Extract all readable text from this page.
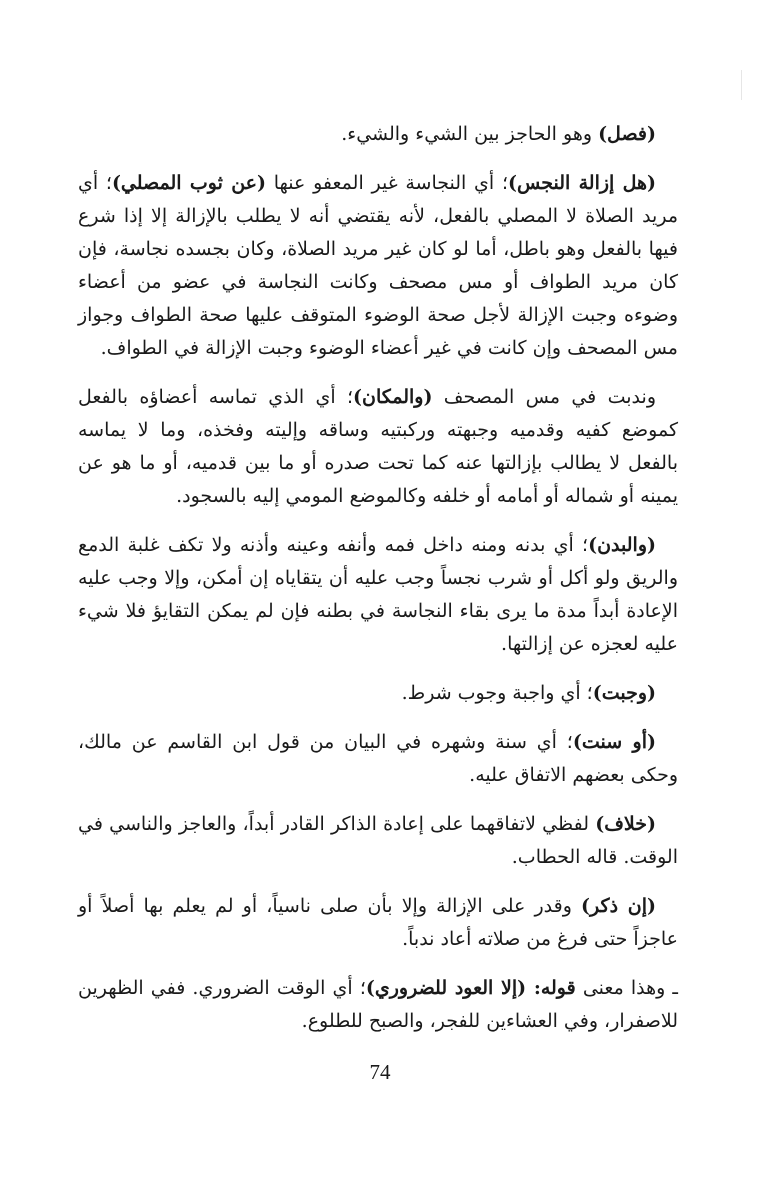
(فصل) وهو الحاجز بين الشيء والشيء.

(هل إزالة النجس)؛ أي النجاسة غير المعفو عنها (عن ثوب المصلي)؛ أي مريد الصلاة لا المصلي بالفعل، لأنه يقتضي أنه لا يطلب بالإزالة إلا إذا شرع فيها بالفعل وهو باطل، أما لو كان غير مريد الصلاة، وكان بجسده نجاسة، فإن كان مريد الطواف أو مس مصحف وكانت النجاسة في عضو من أعضاء وضوءه وجبت الإزالة لأجل صحة الوضوء المتوقف عليها صحة الطواف وجواز مس المصحف وإن كانت في غير أعضاء الوضوء وجبت الإزالة في الطواف.

وندبت في مس المصحف (والمكان)؛ أي الذي تماسه أعضاؤه بالفعل كموضع كفيه وقدميه وجبهته وركبتيه وساقه وإليته وفخذه، وما لا يماسه بالفعل لا يطالب بإزالتها عنه كما تحت صدره أو ما بين قدميه، أو ما هو عن يمينه أو شماله أو أمامه أو خلفه وكالموضع المومي إليه بالسجود.

(والبدن)؛ أي بدنه ومنه داخل فمه وأنفه وعينه وأذنه ولا تكف غلبة الدمع والريق ولو أكل أو شرب نجساً وجب عليه أن يتقاياه إن أمكن، وإلا وجب عليه الإعادة أبداً مدة ما يرى بقاء النجاسة في بطنه فإن لم يمكن التقايؤ فلا شيء عليه لعجزه عن إزالتها.

(وجبت)؛ أي واجبة وجوب شرط.

(أو سنت)؛ أي سنة وشهره في البيان من قول ابن القاسم عن مالك، وحكى بعضهم الاتفاق عليه.

(خلاف) لفظي لاتفاقهما على إعادة الذاكر القادر أبداً، والعاجز والناسي في الوقت. قاله الحطاب.

(إن ذكر) وقدر على الإزالة وإلا بأن صلى ناسياً، أو لم يعلم بها أصلاً أو عاجزاً حتى فرغ من صلاته أعاد ندباً.

ـ وهذا معنى قوله: (إلا العود للضروري)؛ أي الوقت الضروري. ففي الظهرين للاصفرار، وفي العشاءين للفجر، والصبح للطلوع.

74
